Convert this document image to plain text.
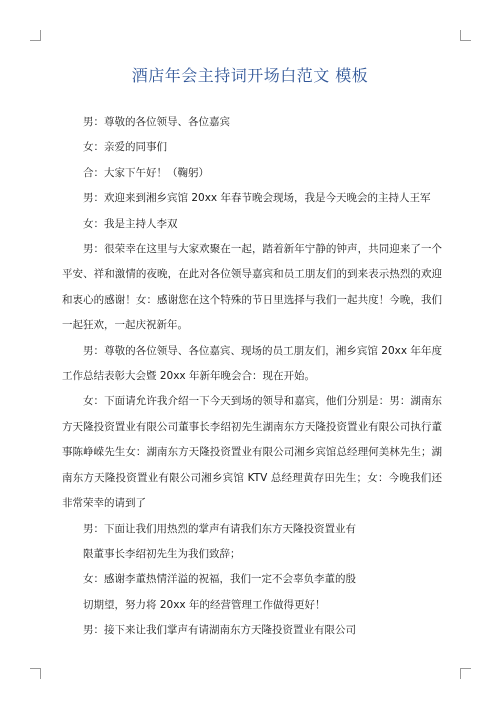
酒店年会主持词开场白范文 模板

男：尊敬的各位领导、各位嘉宾

女：亲爱的同事们

合：大家下午好！（鞠躬）

男：欢迎来到湘乡宾馆 20xx 年春节晚会现场，我是今天晚会的主持人王军

女：我是主持人李双

男：很荣幸在这里与大家欢聚在一起，踏着新年宁静的钟声，共同迎来了一个平安、祥和激情的夜晚，在此对各位领导嘉宾和员工朋友们的到来表示热烈的欢迎和衷心的感谢！女：感谢您在这个特殊的节日里选择与我们一起共度！今晚，我们一起狂欢，一起庆祝新年。

男：尊敬的各位领导、各位嘉宾、现场的员工朋友们，湘乡宾馆 20xx 年年度工作总结表彰大会暨 20xx 年新年晚会合：现在开始。

女：下面请允许我介绍一下今天到场的领导和嘉宾，他们分别是：男：湖南东方天隆投资置业有限公司董事长李绍初先生湖南东方天隆投资置业有限公司执行董事陈峥嵘先生女：湖南东方天隆投资置业有限公司湘乡宾馆总经理何美林先生；湖南东方天隆投资置业有限公司湘乡宾馆 KTV 总经理黄存田先生；女：今晚我们还非常荣幸的请到了

男：下面让我们用热烈的掌声有请我们东方天隆投资置业有

限董事长李绍初先生为我们致辞；

女：感谢李董热情洋溢的祝福，我们一定不会辜负李董的殷

切期望，努力将 20xx 年的经营管理工作做得更好！

男：接下来让我们掌声有请湖南东方天隆投资置业有限公司
